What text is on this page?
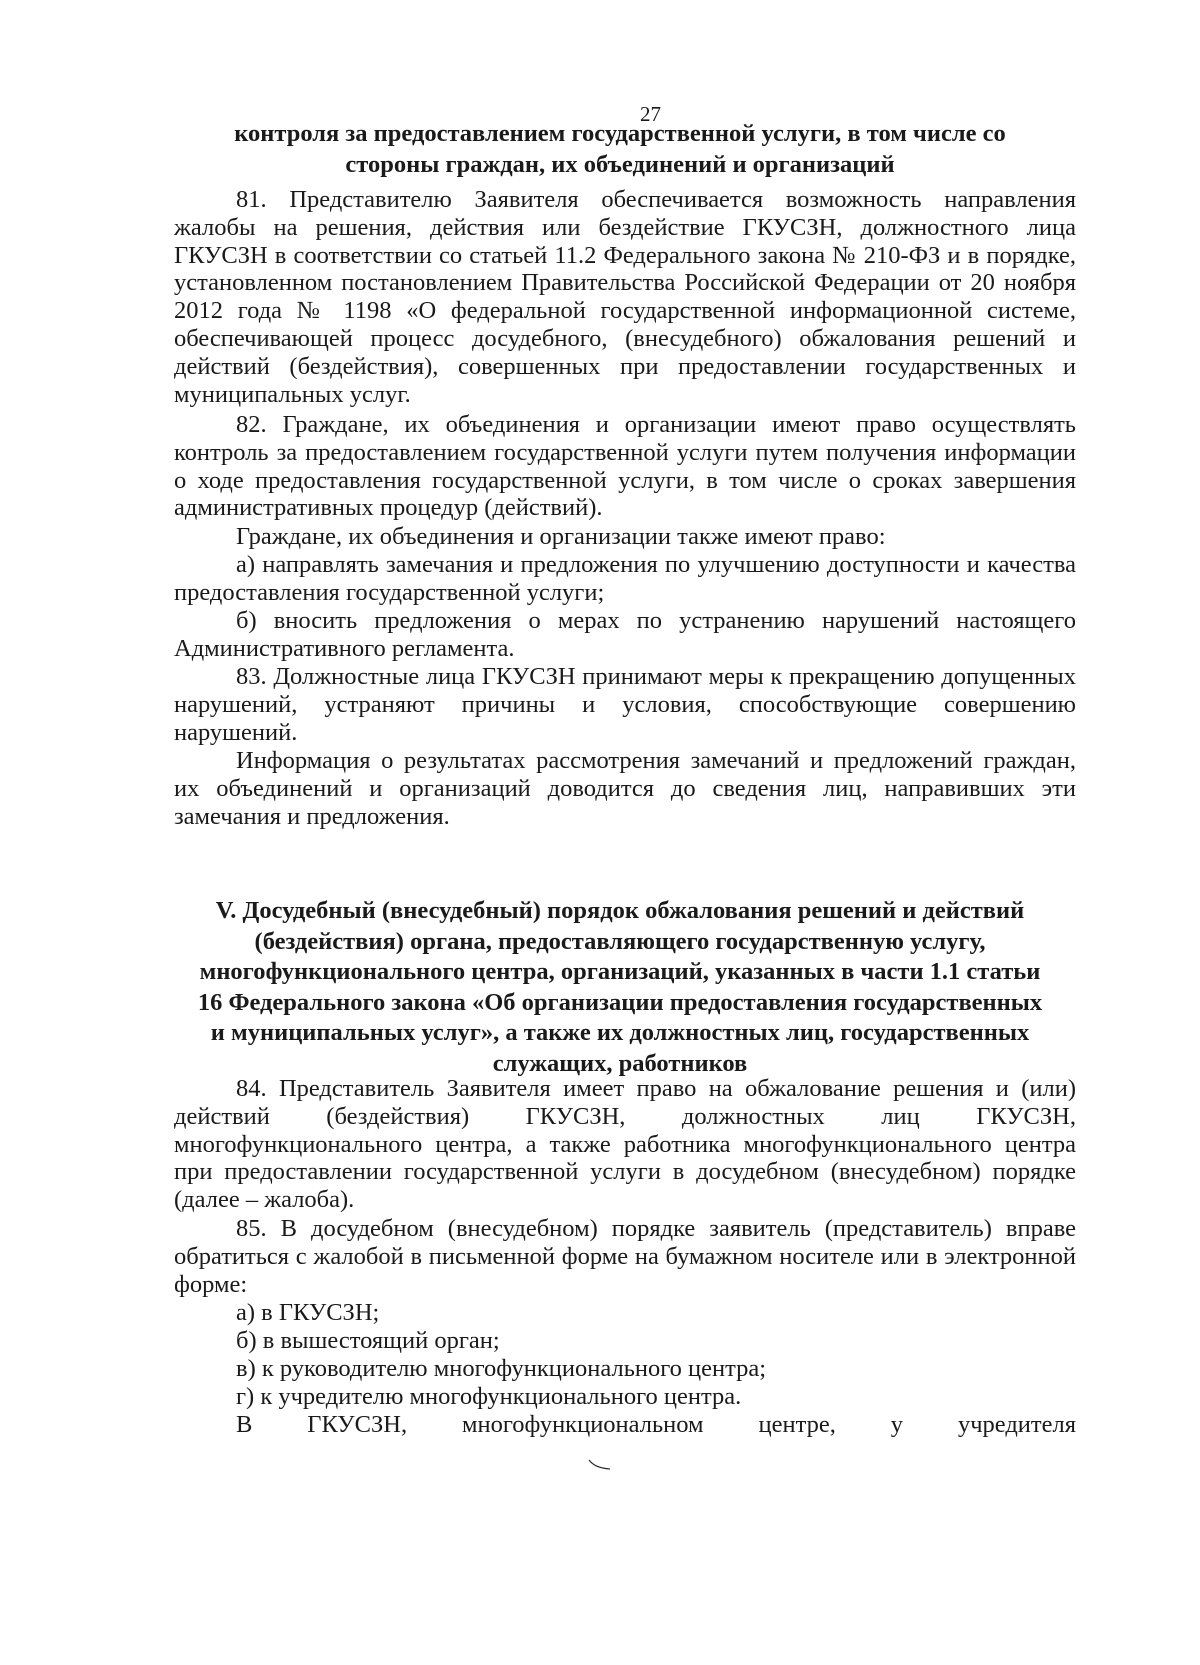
27

контроля за предоставлением государственной услуги, в том числе со
стороны граждан, их объединений и организаций

81. Представителю Заявителя обеспечивается возможность направления жалобы на решения, действия или бездействие ГКУСЗН, должностного лица ГКУСЗН в соответствии со статьей 11.2 Федерального закона № 210-ФЗ и в порядке, установленном постановлением Правительства Российской Федерации от 20 ноября 2012 года № 1198 «О федеральной государственной информационной системе, обеспечивающей процесс досудебного, (внесудебного) обжалования решений и действий (бездействия), совершенных при предоставлении государственных и муниципальных услуг.

82. Граждане, их объединения и организации имеют право осуществлять контроль за предоставлением государственной услуги путем получения информации о ходе предоставления государственной услуги, в том числе о сроках завершения административных процедур (действий).

Граждане, их объединения и организации также имеют право:

а) направлять замечания и предложения по улучшению доступности и качества предоставления государственной услуги;

б) вносить предложения о мерах по устранению нарушений настоящего Административного регламента.

83. Должностные лица ГКУСЗН принимают меры к прекращению допущенных нарушений, устраняют причины и условия, способствующие совершению нарушений.

Информация о результатах рассмотрения замечаний и предложений граждан, их объединений и организаций доводится до сведения лиц, направивших эти замечания и предложения.

V. Досудебный (внесудебный) порядок обжалования решений и действий
(бездействия) органа, предоставляющего государственную услугу,
многофункционального центра, организаций, указанных в части 1.1 статьи
16 Федерального закона «Об организации предоставления государственных
и муниципальных услуг», а также их должностных лиц, государственных
служащих, работников

84. Представитель Заявителя имеет право на обжалование решения и (или) действий (бездействия) ГКУСЗН, должностных лиц ГКУСЗН, многофункционального центра, а также работника многофункционального центра при предоставлении государственной услуги в досудебном (внесудебном) порядке (далее – жалоба).

85. В досудебном (внесудебном) порядке заявитель (представитель) вправе обратиться с жалобой в письменной форме на бумажном носителе или в электронной форме:

а) в ГКУСЗН;

б) в вышестоящий орган;

в) к руководителю многофункционального центра;

г) к учредителю многофункционального центра.

В ГКУСЗН, многофункциональном центре, у учредителя
